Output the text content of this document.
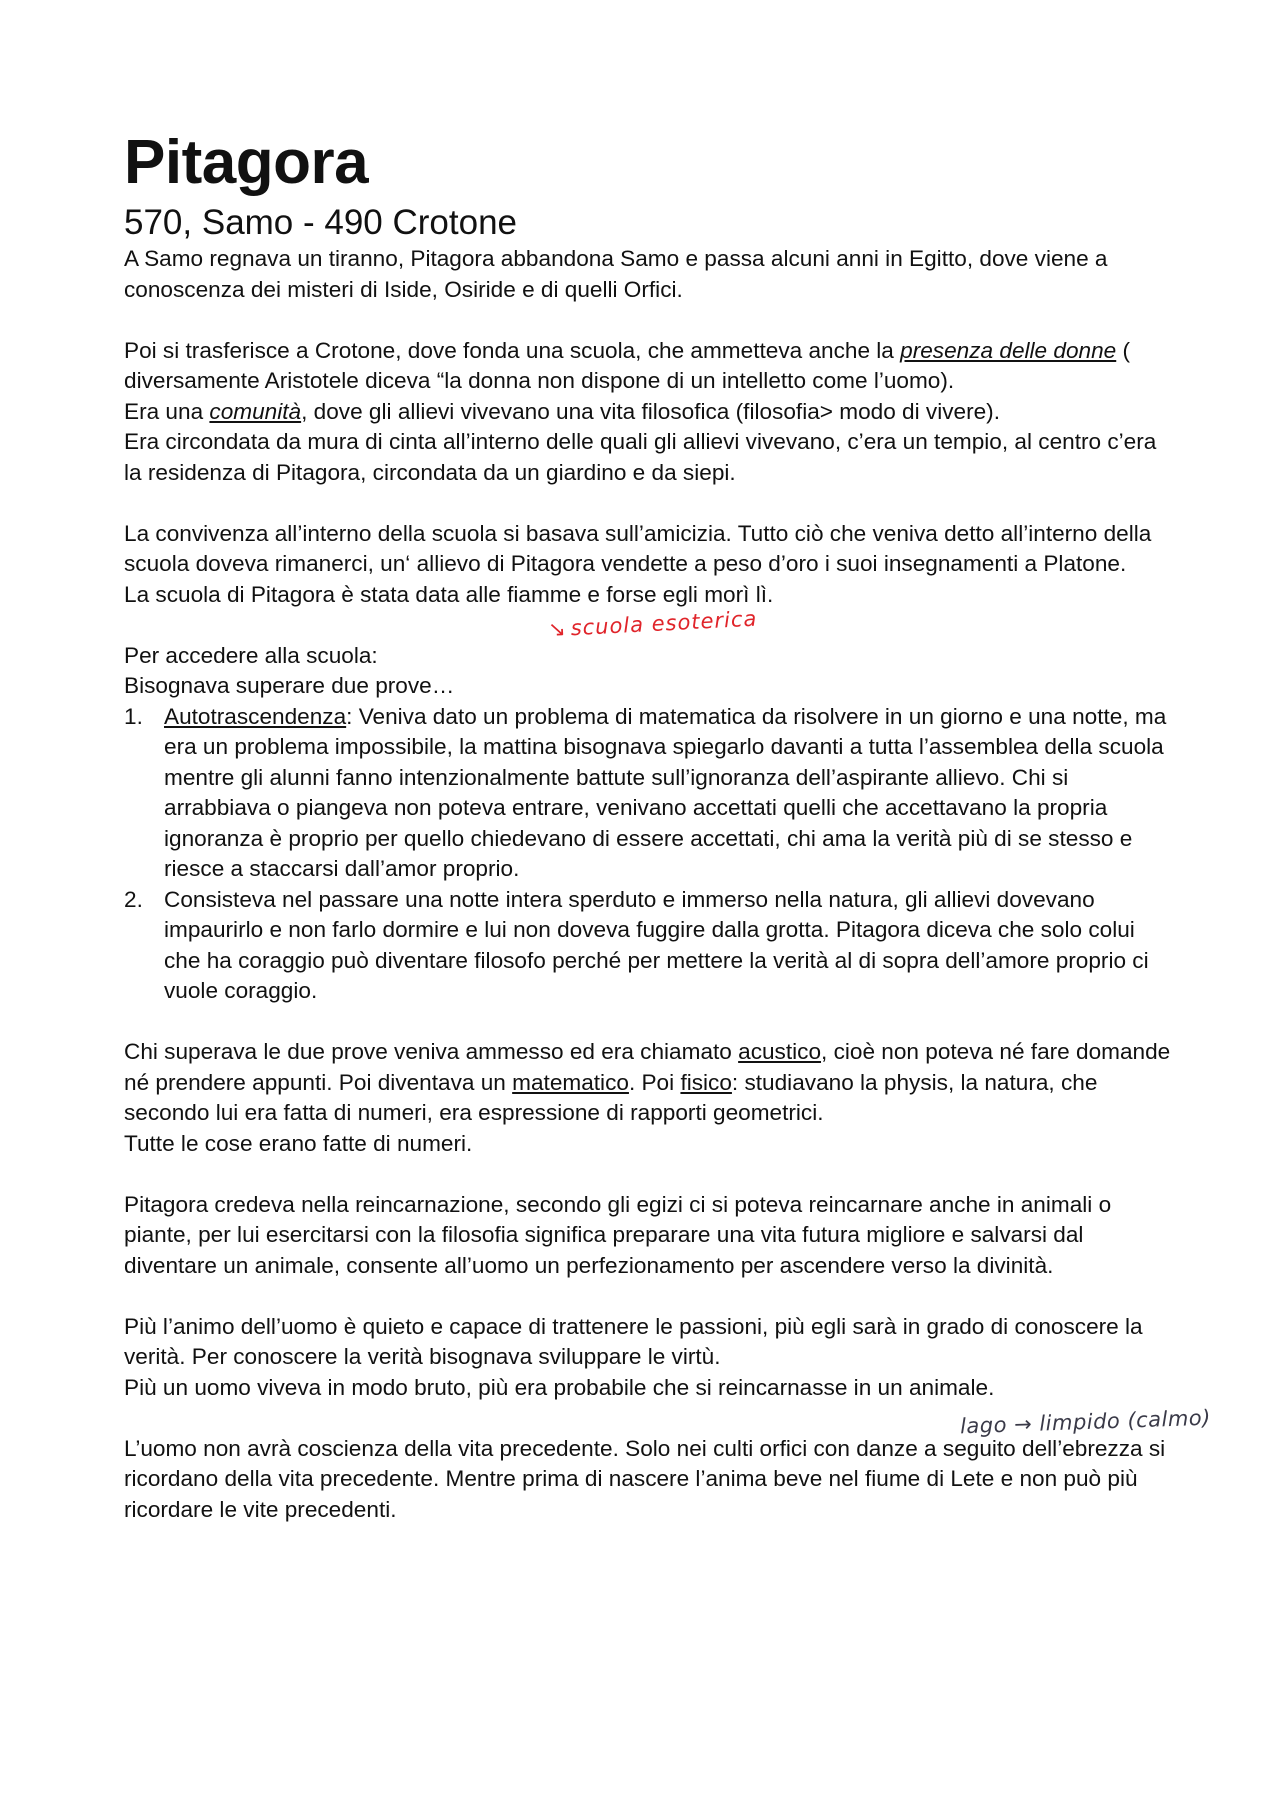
Pitagora
570, Samo - 490 Crotone

A Samo regnava un tiranno, Pitagora abbandona Samo e passa alcuni anni in Egitto, dove viene a conoscenza dei misteri di Iside, Osiride e di quelli Orfici.

Poi si trasferisce a Crotone, dove fonda una scuola, che ammetteva anche la presenza delle donne ( diversamente Aristotele diceva “la donna non dispone di un intelletto come l’uomo).

Era una comunità, dove gli allievi vivevano una vita filosofica (filosofia> modo di vivere).

Era circondata da mura di cinta all’interno delle quali gli allievi vivevano, c’era un tempio, al centro c’era la residenza di Pitagora, circondata da un giardino e da siepi.

La convivenza all’interno della scuola si basava sull’amicizia. Tutto ciò che veniva detto all’interno della scuola doveva rimanerci, un‘ allievo di Pitagora vendette a peso d’oro i suoi insegnamenti a Platone.

La scuola di Pitagora è stata data alle fiamme e forse egli morì lì.

Per accedere alla scuola:

Bisognava superare due prove…

1. Autotrascendenza: Veniva dato un problema di matematica da risolvere in un giorno e una notte, ma era un problema impossibile, la mattina bisognava spiegarlo davanti a tutta l’assemblea della scuola mentre gli alunni fanno intenzionalmente battute sull’ignoranza dell’aspirante allievo. Chi si arrabbiava o piangeva non poteva entrare, venivano accettati quelli che accettavano la propria ignoranza è proprio per quello chiedevano di essere accettati, chi ama la verità più di se stesso e riesce a staccarsi dall’amor proprio.
2. Consisteva nel passare una notte intera sperduto e immerso nella natura, gli allievi dovevano impaurirlo e non farlo dormire e lui non doveva fuggire dalla grotta. Pitagora diceva che solo colui che ha coraggio può diventare filosofo perché per mettere la verità al di sopra dell’amore proprio ci vuole coraggio.

Chi superava le due prove veniva ammesso ed era chiamato acustico, cioè non poteva né fare domande né prendere appunti. Poi diventava un matematico. Poi fisico: studiavano la physis, la natura, che secondo lui era fatta di numeri, era espressione di rapporti geometrici.

Tutte le cose erano fatte di numeri.

Pitagora credeva nella reincarnazione, secondo gli egizi ci si poteva reincarnare anche in animali o piante, per lui esercitarsi con la filosofia significa preparare una vita futura migliore e salvarsi dal diventare un animale, consente all’uomo un perfezionamento per ascendere verso la divinità.

Più l’animo dell’uomo è quieto e capace di trattenere le passioni, più egli sarà in grado di conoscere la verità. Per conoscere la verità bisognava sviluppare le virtù.

Più un uomo viveva in modo bruto, più era probabile che si reincarnasse in un animale.

L’uomo non avrà coscienza della vita precedente. Solo nei culti orfici con danze a seguito dell’ebrezza si ricordano della vita precedente. Mentre prima di nascere l’anima beve nel fiume di Lete e non può più ricordare le vite precedenti.

↘ scuola esoterica
lago → limpido (calmo)
